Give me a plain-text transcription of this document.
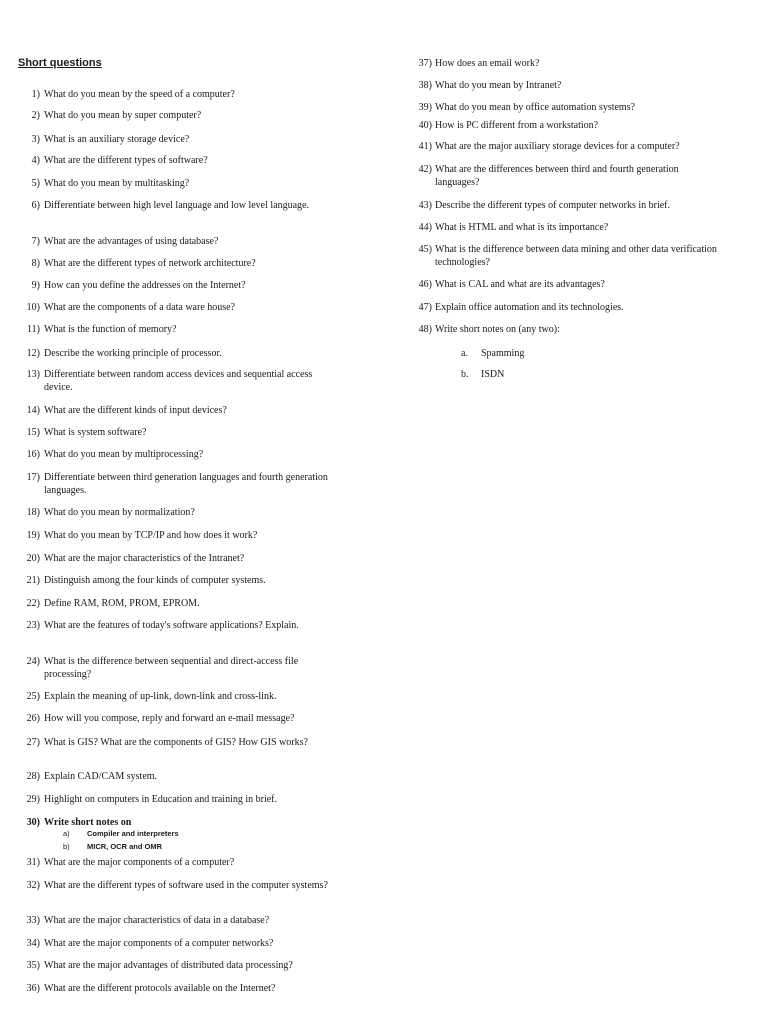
Short questions
1) What do you mean by the speed of a computer?
2) What do you mean by super computer?
3) What is an auxiliary storage device?
4) What are the different types of software?
5) What do you mean by multitasking?
6) Differentiate between high level language and low level language.
7) What are the advantages of using database?
8) What are the different types of network architecture?
9) How can you define the addresses on the Internet?
10) What are the components of a data ware house?
11) What is the function of memory?
12) Describe the working principle of processor.
13) Differentiate between random access devices and sequential access device.
14) What are the different kinds of input devices?
15) What is system software?
16) What do you mean by multiprocessing?
17) Differentiate between third generation languages and fourth generation languages.
18) What do you mean by normalization?
19) What do you mean by TCP/IP and how does it work?
20) What are the major characteristics of the Intranet?
21) Distinguish among the four kinds of computer systems.
22) Define RAM, ROM, PROM, EPROM.
23) What are the features of today's software applications? Explain.
24) What is the difference between sequential and direct-access file processing?
25) Explain the meaning of up-link, down-link and cross-link.
26) How will you compose, reply and forward an e-mail message?
27) What is GIS? What are the components of GIS? How GIS works?
28) Explain CAD/CAM system.
29) Highlight on computers in Education and training in brief.
30) Write short notes on
31) What are the major components of a computer?
32) What are the different types of software used in the computer systems?
33) What are the major characteristics of data in a database?
34) What are the major components of a computer networks?
35) What are the major advantages of distributed data processing?
36) What are the different protocols available on the Internet?
a) Compiler and interpreters
b) MICR, OCR and OMR
37) How does an email work?
38) What do you mean by Intranet?
39) What do you mean by office automation systems?
40) How is PC different from a workstation?
41) What are the major auxiliary storage devices for a computer?
42) What are the differences between third and fourth generation languages?
43) Describe the different types of computer networks in brief.
44) What is HTML and what is its importance?
45) What is the difference between data mining and other data verification technologies?
46) What is CAL and what are its advantages?
47) Explain office automation and its technologies.
48) Write short notes on (any two):
a. Spamming
b. ISDN
